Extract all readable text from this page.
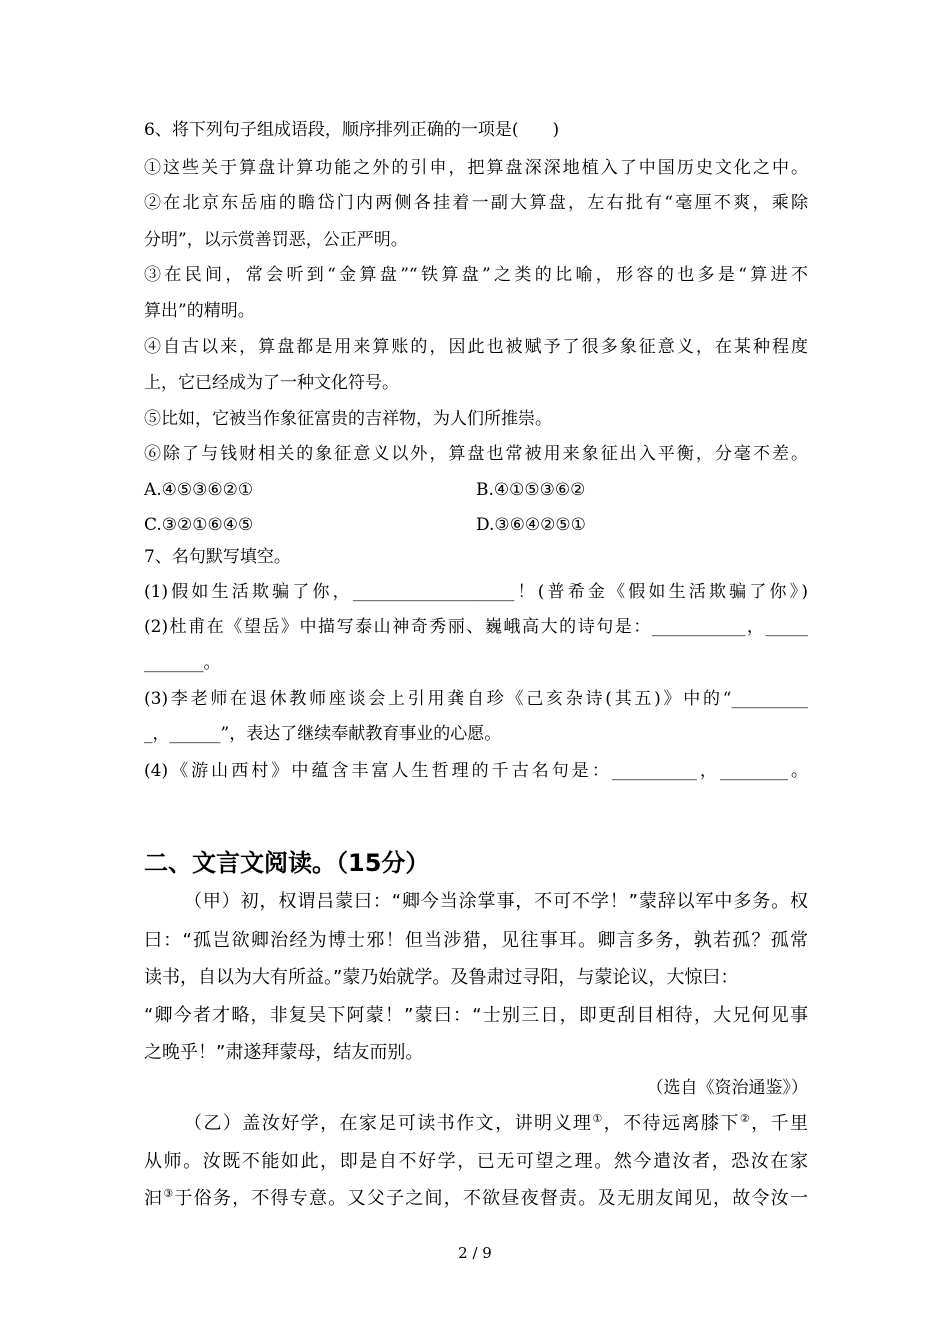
6、将下列句子组成语段，顺序排列正确的一项是(　　)
①这些关于算盘计算功能之外的引申，把算盘深深地植入了中国历史文化之中。
②在北京东岳庙的瞻岱门内两侧各挂着一副大算盘，左右批有“毫厘不爽，乘除
分明”，以示赏善罚恶，公正严明。
③在民间，常会听到“金算盘”“铁算盘”之类的比喻，形容的也多是“算进不
算出”的精明。
④自古以来，算盘都是用来算账的，因此也被赋予了很多象征意义，在某种程度
上，它已经成为了一种文化符号。
⑤比如，它被当作象征富贵的吉祥物，为人们所推崇。
⑥除了与钱财相关的象征意义以外，算盘也常被用来象征出入平衡，分毫不差。
A.④⑤③⑥②①	B.④①⑤③⑥②
C.③②①⑥④⑤	D.③⑥④②⑤①
7、名句默写填空。
(1)假如生活欺骗了你，___________________！(普希金《假如生活欺骗了你》)
(2)杜甫在《望岳》中描写泰山神奇秀丽、巍峨高大的诗句是：___________，_____
_______。
(3)李老师在退休教师座谈会上引用龚自珍《己亥杂诗(其五)》中的“_________
_，______”，表达了继续奉献教育事业的心愿。
(4)《游山西村》中蕴含丰富人生哲理的千古名句是：__________，________。
二、文言文阅读。（15分）
（甲）初，权谓吕蒙曰：“卿今当涂掌事，不可不学！”蒙辞以军中多务。权
曰：“孤岂欲卿治经为博士邪！但当涉猎，见往事耳。卿言多务，孰若孤？孤常
读书，自以为大有所益。”蒙乃始就学。及鲁肃过寻阳，与蒙论议，大惊曰：
“卿今者才略，非复吴下阿蒙！”蒙曰：“士别三日，即更刮目相待，大兄何见事
之晚乎！”肃遂拜蒙母，结友而别。
（选自《资治通鉴》）
（乙）盖汝好学，在家足可读书作文，讲明义理①，不待远离膝下②，千里
从师。汝既不能如此，即是自不好学，已无可望之理。然今遣汝者，恐汝在家
汩③于俗务，不得专意。又父子之间，不欲昼夜督责。及无朋友闻见，故令汝一
2 / 9
